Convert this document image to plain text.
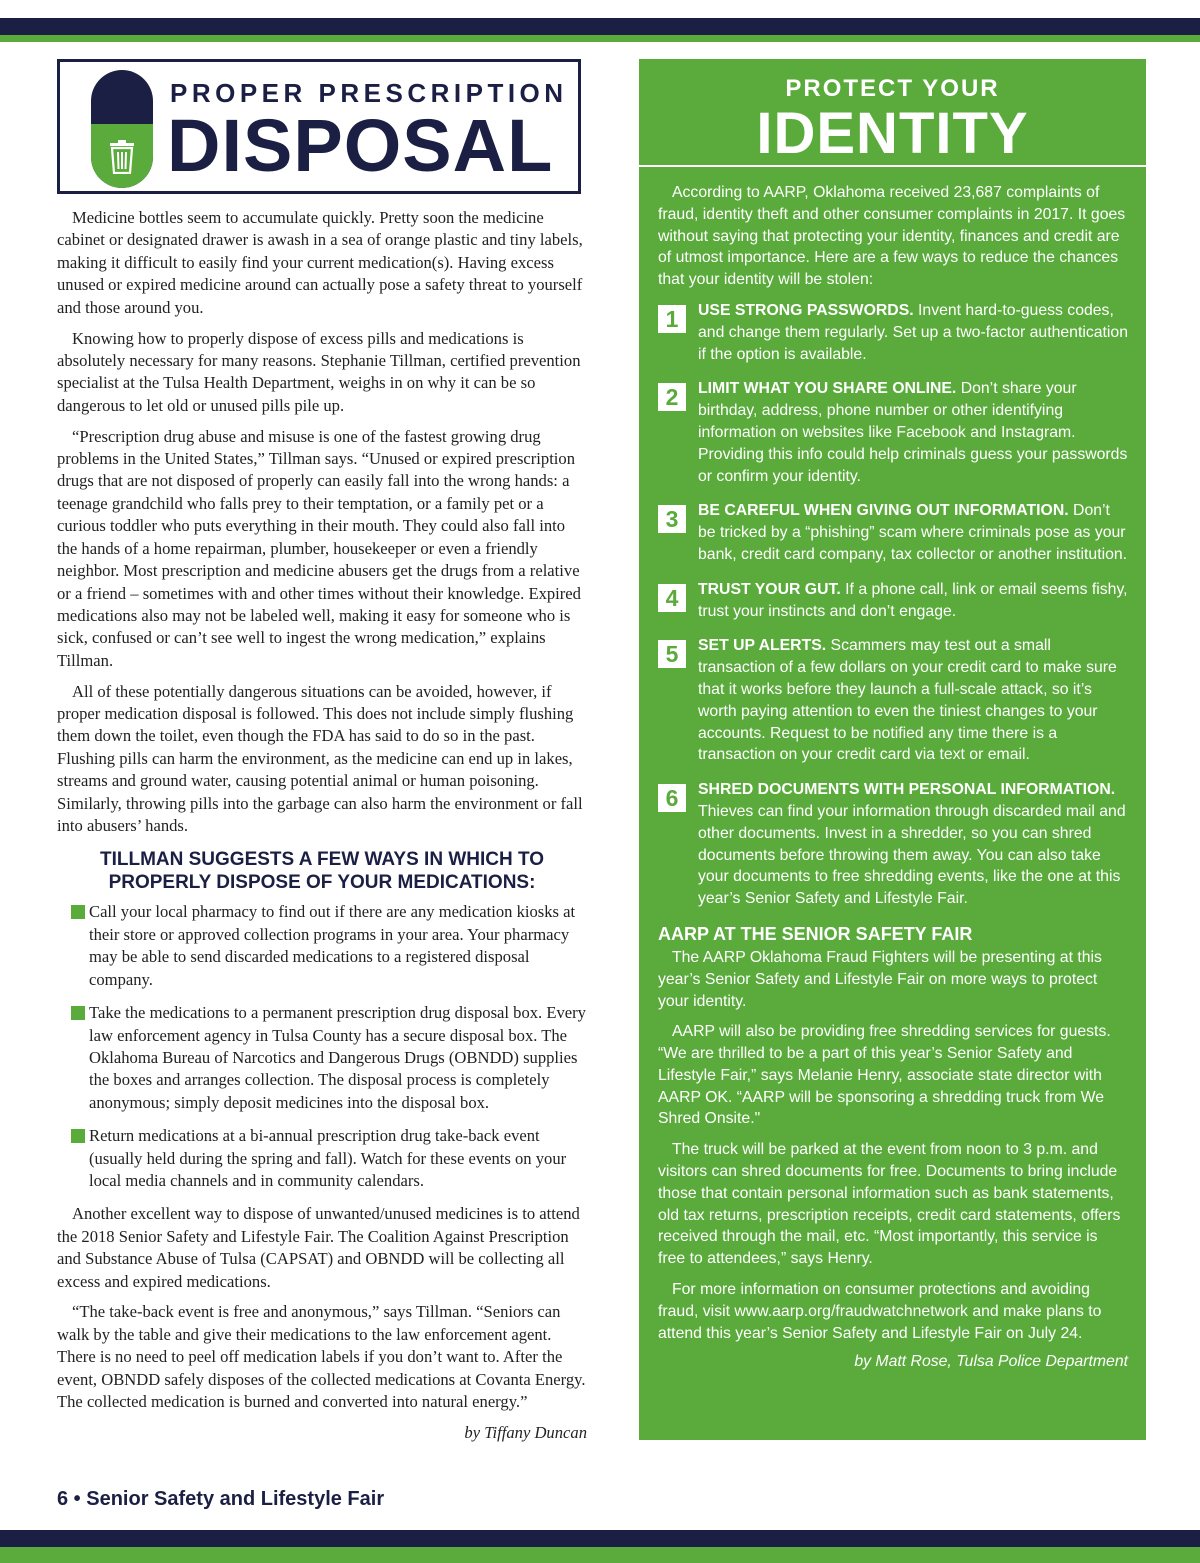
PROPER PRESCRIPTION
DISPOSAL

Medicine bottles seem to accumulate quickly. Pretty soon the medicine cabinet or designated drawer is awash in a sea of orange plastic and tiny labels, making it difficult to easily find your current medication(s). Having excess unused or expired medicine around can actually pose a safety threat to yourself and those around you.

Knowing how to properly dispose of excess pills and medications is absolutely necessary for many reasons. Stephanie Tillman, certified prevention specialist at the Tulsa Health Department, weighs in on why it can be so dangerous to let old or unused pills pile up.

“Prescription drug abuse and misuse is one of the fastest growing drug problems in the United States,” Tillman says. “Unused or expired prescription drugs that are not disposed of properly can easily fall into the wrong hands: a teenage grandchild who falls prey to their temptation, or a family pet or a curious toddler who puts everything in their mouth. They could also fall into the hands of a home repairman, plumber, housekeeper or even a friendly neighbor. Most prescription and medicine abusers get the drugs from a relative or a friend – sometimes with and other times without their knowledge. Expired medications also may not be labeled well, making it easy for someone who is sick, confused or can’t see well to ingest the wrong medication,” explains Tillman.

All of these potentially dangerous situations can be avoided, however, if proper medication disposal is followed. This does not include simply flushing them down the toilet, even though the FDA has said to do so in the past. Flushing pills can harm the environment, as the medicine can end up in lakes, streams and ground water, causing potential animal or human poisoning. Similarly, throwing pills into the garbage can also harm the environment or fall into abusers’ hands.

TILLMAN SUGGESTS A FEW WAYS IN WHICH TO PROPERLY DISPOSE OF YOUR MEDICATIONS:
Call your local pharmacy to find out if there are any medication kiosks at their store or approved collection programs in your area. Your pharmacy may be able to send discarded medications to a registered disposal company.
Take the medications to a permanent prescription drug disposal box. Every law enforcement agency in Tulsa County has a secure disposal box. The Oklahoma Bureau of Narcotics and Dangerous Drugs (OBNDD) supplies the boxes and arranges collection. The disposal process is completely anonymous; simply deposit medicines into the disposal box.
Return medications at a bi-annual prescription drug take-back event (usually held during the spring and fall). Watch for these events on your local media channels and in community calendars.

Another excellent way to dispose of unwanted/unused medicines is to attend the 2018 Senior Safety and Lifestyle Fair. The Coalition Against Prescription and Substance Abuse of Tulsa (CAPSAT) and OBNDD will be collecting all excess and expired medications.

“The take-back event is free and anonymous,” says Tillman. “Seniors can walk by the table and give their medications to the law enforcement agent. There is no need to peel off medication labels if you don’t want to. After the event, OBNDD safely disposes of the collected medications at Covanta Energy. The collected medication is burned and converted into natural energy.”

by Tiffany Duncan
6 • Senior Safety and Lifestyle Fair
PROTECT YOUR
IDENTITY

According to AARP, Oklahoma received 23,687 complaints of fraud, identity theft and other consumer complaints in 2017. It goes without saying that protecting your identity, finances and credit are of utmost importance. Here are a few ways to reduce the chances that your identity will be stolen:

1	USE STRONG PASSWORDS. Invent hard-to-guess codes, and change them regularly. Set up a two-factor authentication if the option is available.
2	LIMIT WHAT YOU SHARE ONLINE. Don’t share your birthday, address, phone number or other identifying information on websites like Facebook and Instagram. Providing this info could help criminals guess your passwords or confirm your identity.
3	BE CAREFUL WHEN GIVING OUT INFORMATION. Don’t be tricked by a “phishing” scam where criminals pose as your bank, credit card company, tax collector or another institution.
4	TRUST YOUR GUT. If a phone call, link or email seems fishy, trust your instincts and don’t engage.
5	SET UP ALERTS. Scammers may test out a small transaction of a few dollars on your credit card to make sure that it works before they launch a full-scale attack, so it’s worth paying attention to even the tiniest changes to your accounts. Request to be notified any time there is a transaction on your credit card via text or email.
6	SHRED DOCUMENTS WITH PERSONAL INFORMATION. Thieves can find your information through discarded mail and other documents. Invest in a shredder, so you can shred documents before throwing them away. You can also take your documents to free shredding events, like the one at this year’s Senior Safety and Lifestyle Fair.
AARP AT THE SENIOR SAFETY FAIR

The AARP Oklahoma Fraud Fighters will be presenting at this year’s Senior Safety and Lifestyle Fair on more ways to protect your identity.

AARP will also be providing free shredding services for guests. “We are thrilled to be a part of this year’s Senior Safety and Lifestyle Fair,” says Melanie Henry, associate state director with AARP OK. “AARP will be sponsoring a shredding truck from We Shred Onsite."

The truck will be parked at the event from noon to 3 p.m. and visitors can shred documents for free. Documents to bring include those that contain personal information such as bank statements, old tax returns, prescription receipts, credit card statements, offers received through the mail, etc. “Most importantly, this service is free to attendees,” says Henry.

For more information on consumer protections and avoiding fraud, visit www.aarp.org/fraudwatchnetwork and make plans to attend this year’s Senior Safety and Lifestyle Fair on July 24.

by Matt Rose, Tulsa Police Department
